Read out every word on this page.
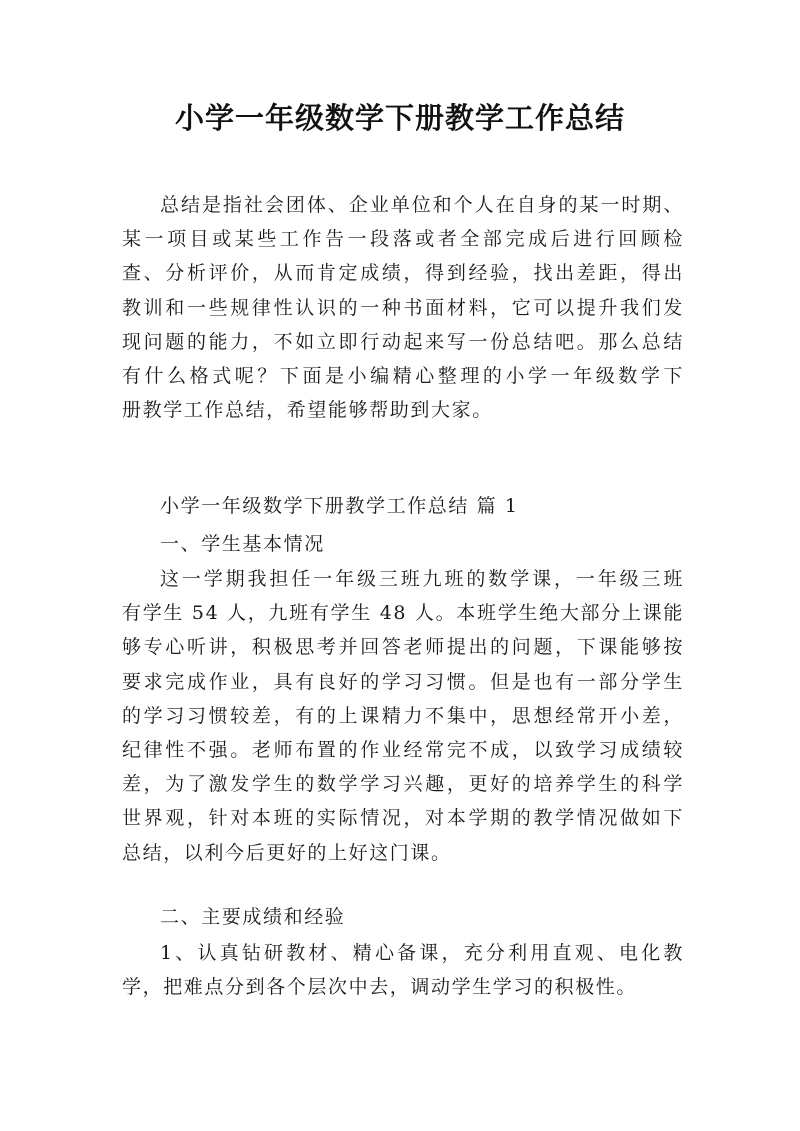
小学一年级数学下册教学工作总结
总结是指社会团体、企业单位和个人在自身的某一时期、
某一项目或某些工作告一段落或者全部完成后进行回顾检
查、分析评价，从而肯定成绩，得到经验，找出差距，得出
教训和一些规律性认识的一种书面材料，它可以提升我们发
现问题的能力，不如立即行动起来写一份总结吧。那么总结
有什么格式呢？下面是小编精心整理的小学一年级数学下
册教学工作总结，希望能够帮助到大家。
小学一年级数学下册教学工作总结 篇 1
一、学生基本情况
这一学期我担任一年级三班九班的数学课，一年级三班
有学生 54 人，九班有学生 48 人。本班学生绝大部分上课能
够专心听讲，积极思考并回答老师提出的问题，下课能够按
要求完成作业，具有良好的学习习惯。但是也有一部分学生
的学习习惯较差，有的上课精力不集中，思想经常开小差，
纪律性不强。老师布置的作业经常完不成，以致学习成绩较
差，为了激发学生的数学学习兴趣，更好的培养学生的科学
世界观，针对本班的实际情况，对本学期的教学情况做如下
总结，以利今后更好的上好这门课。
二、主要成绩和经验
1、认真钻研教材、精心备课，充分利用直观、电化教
学，把难点分到各个层次中去，调动学生学习的积极性。
